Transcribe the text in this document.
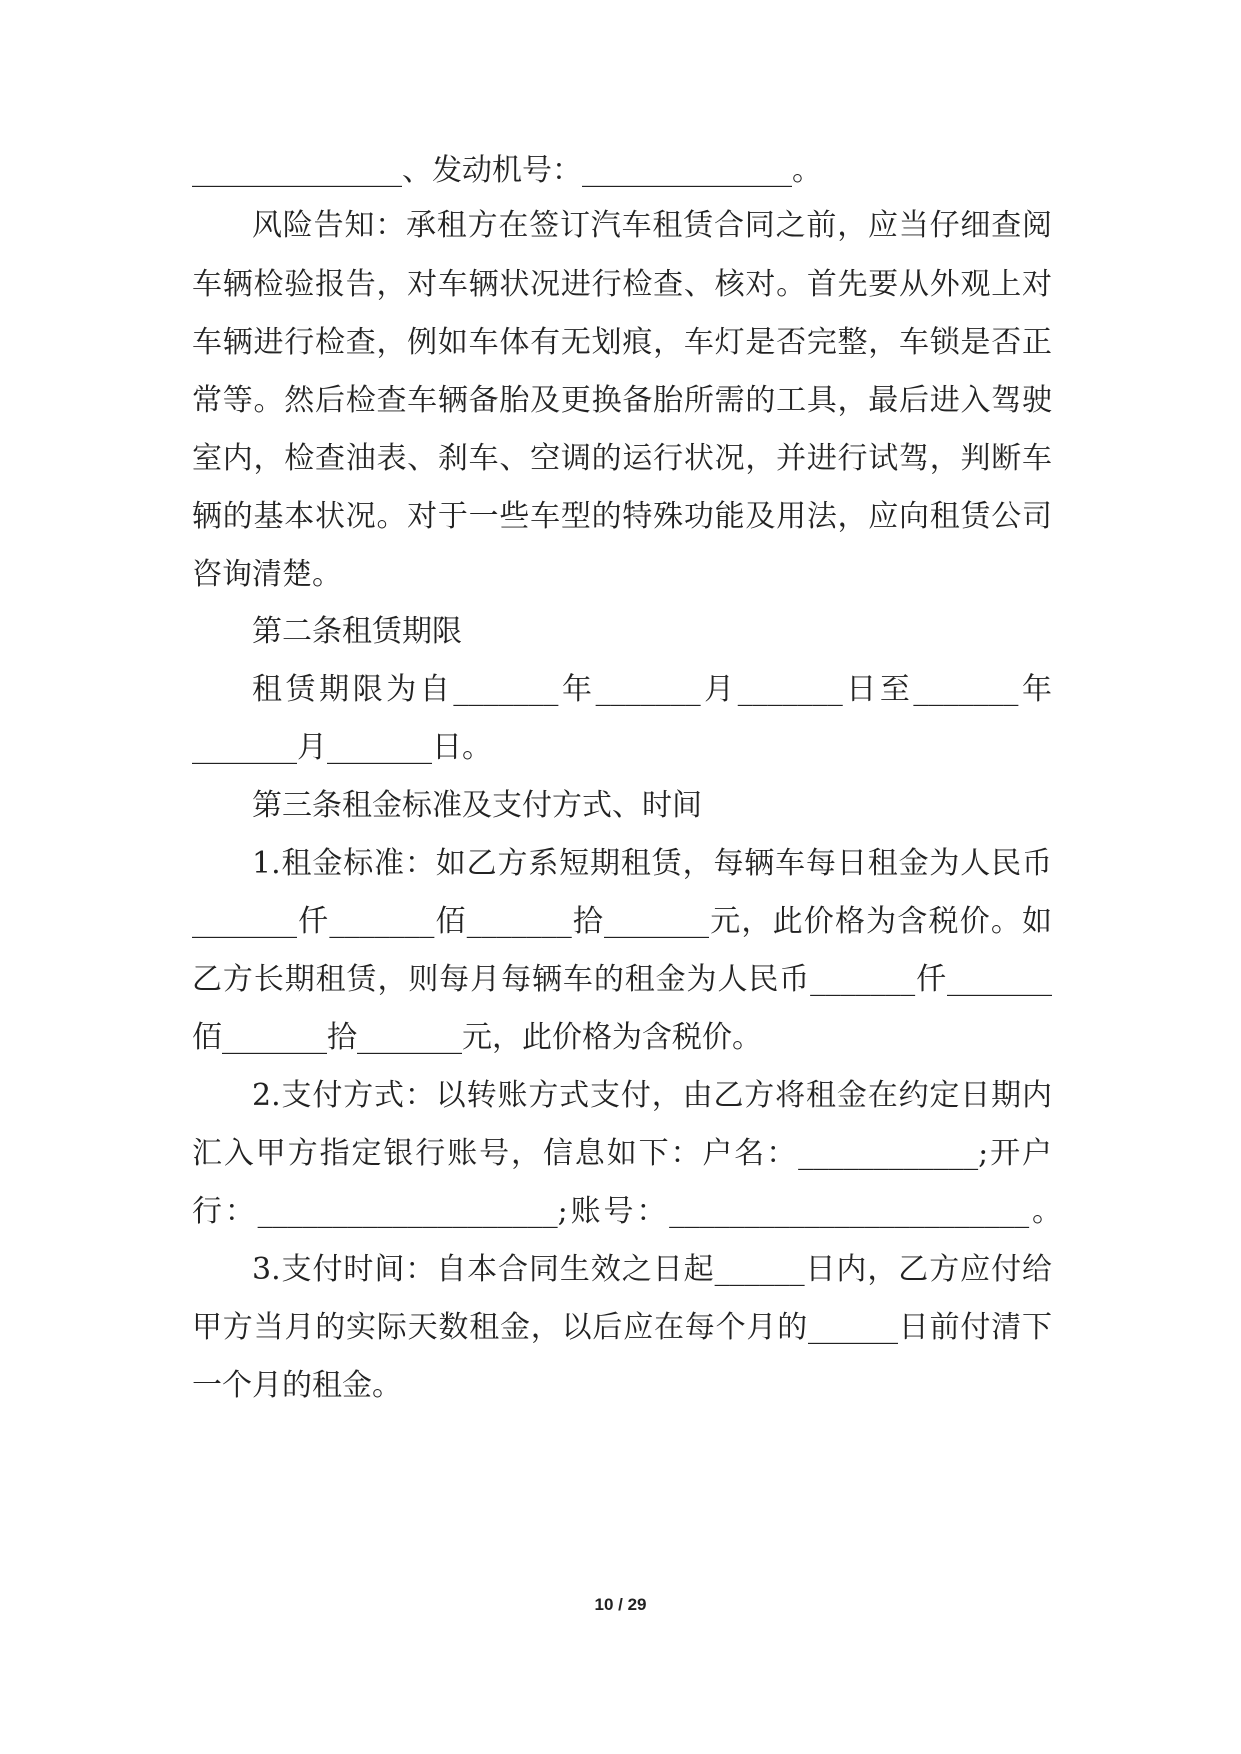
______________、发动机号：______________。
风险告知：承租方在签订汽车租赁合同之前，应当仔细查阅
车辆检验报告，对车辆状况进行检查、核对。首先要从外观上对
车辆进行检查，例如车体有无划痕，车灯是否完整，车锁是否正
常等。然后检查车辆备胎及更换备胎所需的工具，最后进入驾驶
室内，检查油表、刹车、空调的运行状况，并进行试驾，判断车
辆的基本状况。对于一些车型的特殊功能及用法，应向租赁公司
咨询清楚。
第二条租赁期限
租赁期限为自_______年_______月_______日至_______年
_______月_______日。
第三条租金标准及支付方式、时间
1.租金标准：如乙方系短期租赁，每辆车每日租金为人民币
_______仟_______佰_______拾_______元，此价格为含税价。如
乙方长期租赁，则每月每辆车的租金为人民币_______仟_______
佰_______拾_______元，此价格为含税价。
2.支付方式：以转账方式支付，由乙方将租金在约定日期内
汇入甲方指定银行账号，信息如下：户名：____________;开户
行：____________________;账号：________________________。
3.支付时间：自本合同生效之日起______日内，乙方应付给
甲方当月的实际天数租金，以后应在每个月的______日前付清下
一个月的租金。
10 / 29
